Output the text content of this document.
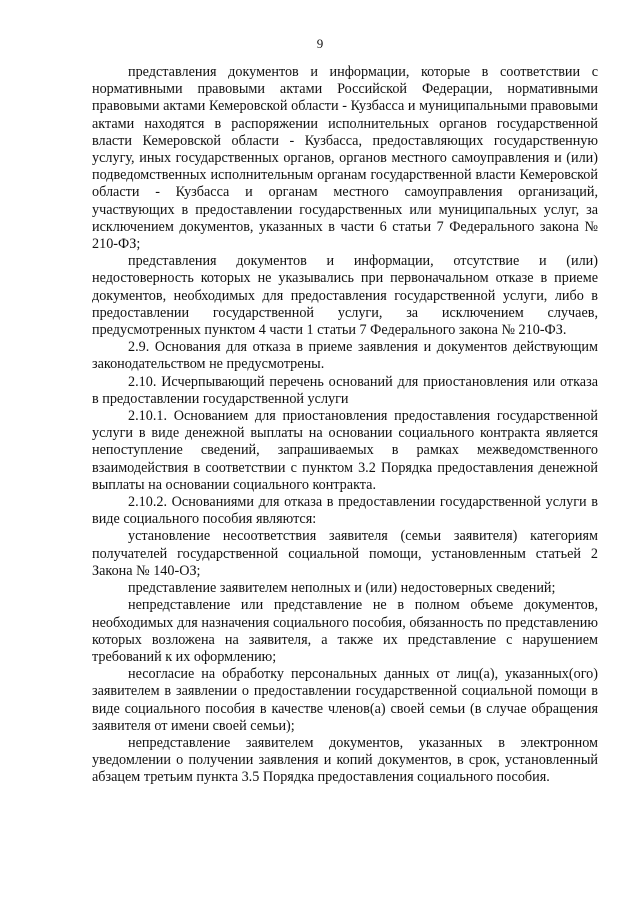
9

представления документов и информации, которые в соответствии с нормативными правовыми актами Российской Федерации, нормативными правовыми актами Кемеровской области - Кузбасса и муниципальными правовыми актами находятся в распоряжении исполнительных органов государственной власти Кемеровской области - Кузбасса, предоставляющих государственную услугу, иных государственных органов, органов местного самоуправления и (или) подведомственных исполнительным органам государственной власти Кемеровской области - Кузбасса и органам местного самоуправления организаций, участвующих в предоставлении государственных или муниципальных услуг, за исключением документов, указанных в части 6 статьи 7 Федерального закона № 210-ФЗ;

представления документов и информации, отсутствие и (или) недостоверность которых не указывались при первоначальном отказе в приеме документов, необходимых для предоставления государственной услуги, либо в предоставлении государственной услуги, за исключением случаев, предусмотренных пунктом 4 части 1 статьи 7 Федерального закона № 210-ФЗ.

2.9. Основания для отказа в приеме заявления и документов действующим законодательством не предусмотрены.

2.10. Исчерпывающий перечень оснований для приостановления или отказа в предоставлении государственной услуги

2.10.1. Основанием для приостановления предоставления государственной услуги в виде денежной выплаты на основании социального контракта является непоступление сведений, запрашиваемых в рамках межведомственного взаимодействия в соответствии с пунктом 3.2 Порядка предоставления денежной выплаты на основании социального контракта.

2.10.2. Основаниями для отказа в предоставлении государственной услуги в виде социального пособия являются:

установление несоответствия заявителя (семьи заявителя) категориям получателей государственной социальной помощи, установленным статьей 2 Закона № 140-ОЗ;

представление заявителем неполных и (или) недостоверных сведений;

непредставление или представление не в полном объеме документов, необходимых для назначения социального пособия, обязанность по представлению которых возложена на заявителя, а также их представление с нарушением требований к их оформлению;

несогласие на обработку персональных данных от лиц(а), указанных(ого) заявителем в заявлении о предоставлении государственной социальной помощи в виде социального пособия в качестве членов(а) своей семьи (в случае обращения заявителя от имени своей семьи);

непредставление заявителем документов, указанных в электронном уведомлении о получении заявления и копий документов, в срок, установленный абзацем третьим пункта 3.5 Порядка предоставления социального пособия.
